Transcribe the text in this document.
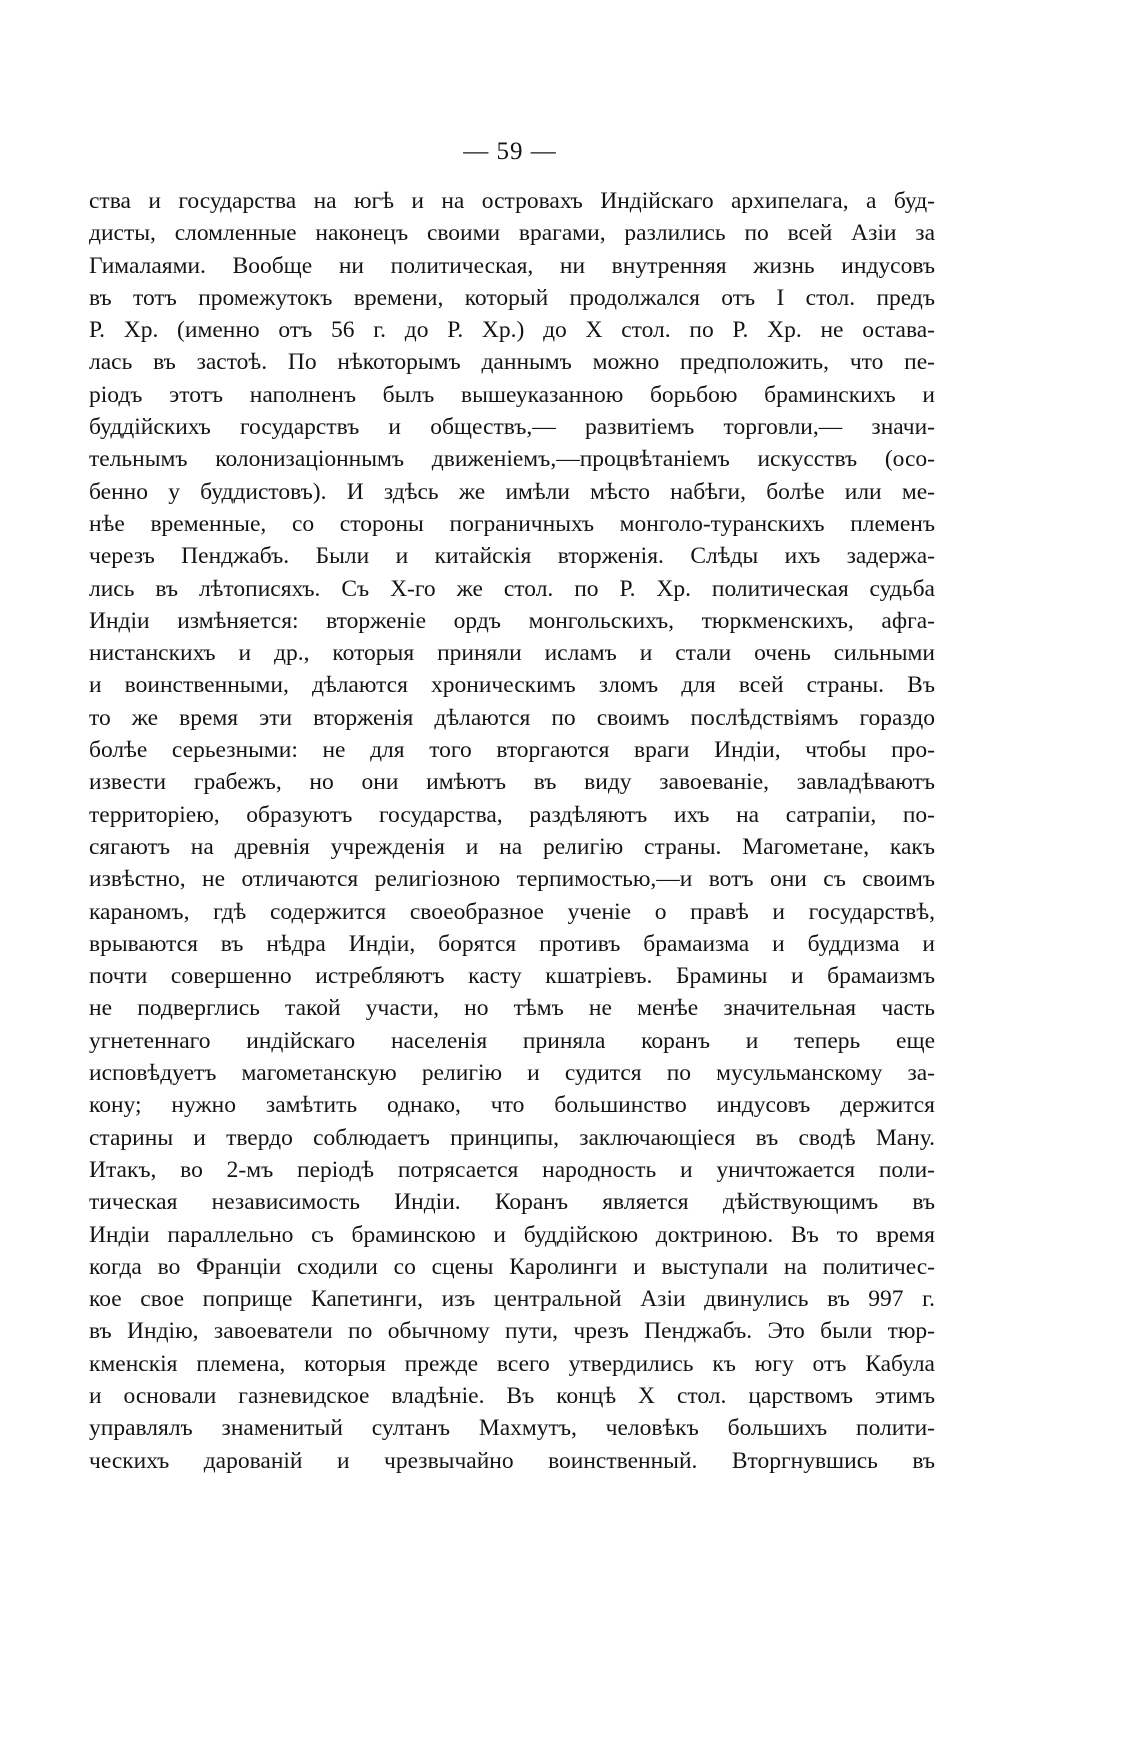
— 59 —
ства и государства на югѣ и на островахъ Индійскаго архипелага, а буд-
дисты, сломленные наконецъ своими врагами, разлились по всей Азіи за
Гималаями. Вообще ни политическая, ни внутренняя жизнь индусовъ
въ тотъ промежутокъ времени, который продолжался отъ I стол. предъ
Р. Хр. (именно отъ 56 г. до Р. Хр.) до X стол. по Р. Хр. не остава-
лась въ застоѣ. По нѣкоторымъ даннымъ можно предположить, что пе-
ріодъ этотъ наполненъ былъ вышеуказанною борьбою браминскихъ и
буддійскихъ государствъ и обществъ,— развитіемъ торговли,— значи-
тельнымъ колонизаціоннымъ движеніемъ,—процвѣтаніемъ искусствъ (осо-
бенно у буддистовъ). И здѣсь же имѣли мѣсто набѣги, болѣе или ме-
нѣе временные, со стороны пограничныхъ монголо-туранскихъ племенъ
черезъ Пенджабъ. Были и китайскія вторженія. Слѣды ихъ задержа-
лись въ лѣтописяхъ. Съ X-го же стол. по Р. Хр. политическая судьба
Индіи измѣняется: вторженіе ордъ монгольскихъ, тюркменскихъ, афга-
нистанскихъ и др., которыя приняли исламъ и стали очень сильными
и воинственными, дѣлаются хроническимъ зломъ для всей страны. Въ
то же время эти вторженія дѣлаются по своимъ послѣдствіямъ гораздо
болѣе серьезными: не для того вторгаются враги Индіи, чтобы про-
извести грабежъ, но они имѣютъ въ виду завоеваніе, завладѣваютъ
территоріею, образуютъ государства, раздѣляютъ ихъ на сатрапіи, по-
сягаютъ на древнія учрежденія и на религію страны. Магометане, какъ
извѣстно, не отличаются религіозною терпимостью,—и вотъ они съ своимъ
карaномъ, гдѣ содержится своеобразное ученіе о правѣ и государствѣ,
врываются въ нѣдра Индіи, борятся противъ брамаизма и буддизма и
почти совершенно истребляютъ касту кшатріевъ. Брамины и брамаизмъ
не подверглись такой участи, но тѣмъ не менѣе значительная часть
угнетеннаго индійскаго населенія приняла коранъ и теперь еще
исповѣдуетъ магометанскую религію и судится по мусульманскому за-
кону; нужно замѣтить однако, что большинство индусовъ держится
старины и твердо соблюдаетъ принципы, заключающіеся въ сводѣ Ману.
Итакъ, во 2-мъ періодѣ потрясается народность и уничтожается поли-
тическая независимость Индіи. Коранъ является дѣйствующимъ въ
Индіи параллельно съ браминскою и буддійскою доктриною. Въ то время
когда во Франціи сходили со сцены Каролинги и выступали на политичес-
кое свое поприще Капетинги, изъ центральной Азіи двинулись въ 997 г.
въ Индію, завоеватели по обычному пути, чрезъ Пенджабъ. Это были тюр-
кменскія племена, которыя прежде всего утвердились къ югу отъ Кабула
и основали газневидское владѣніе. Въ концѣ X стол. царствомъ этимъ
управлялъ знаменитый султанъ Махмутъ, человѣкъ большихъ полити-
ческихъ дарованій и чрезвычайно воинственный. Вторгнувшись въ
